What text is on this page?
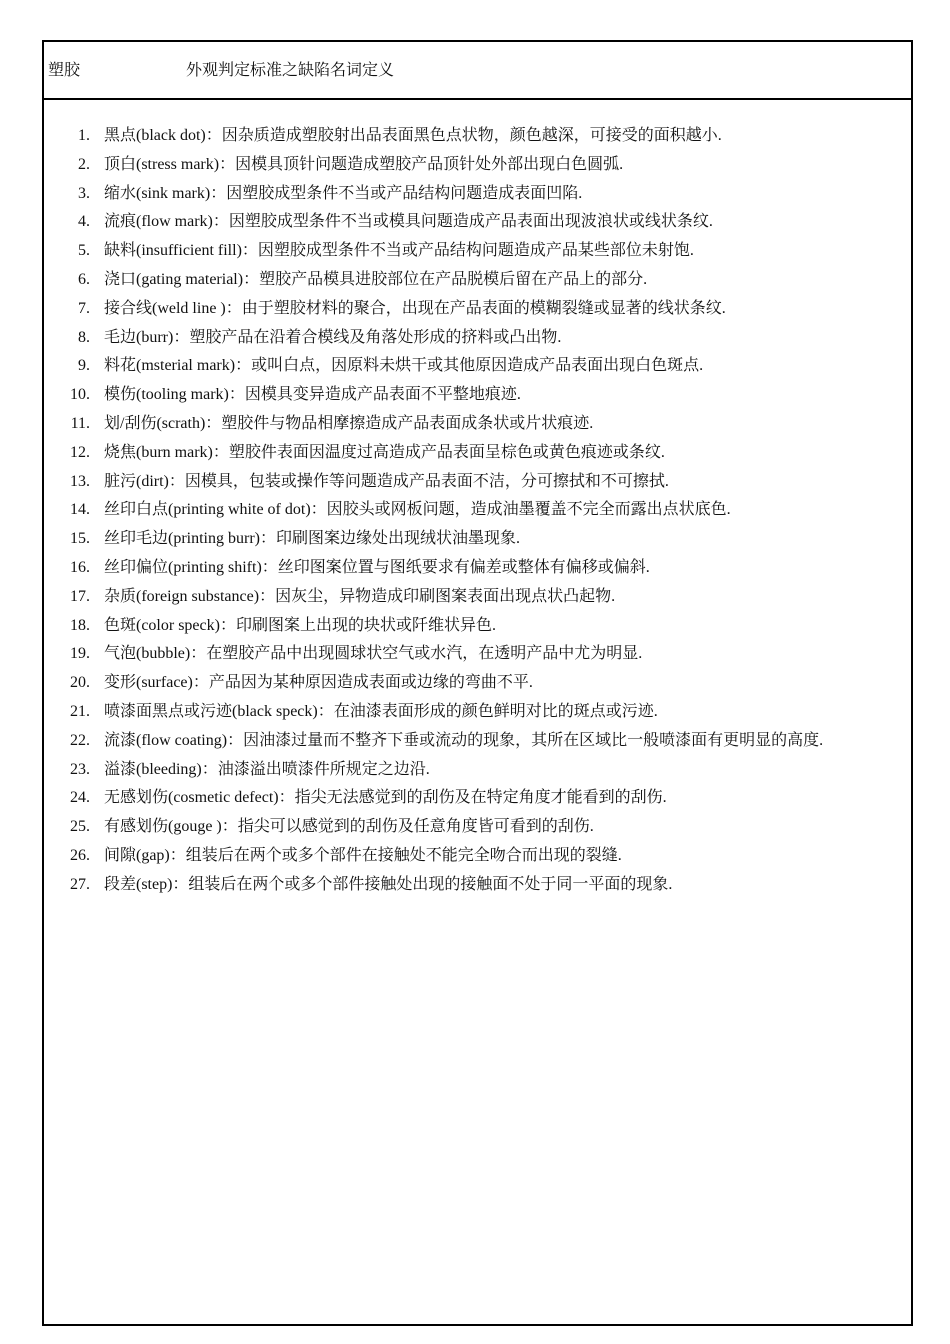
塑胶	外观判定标准之缺陷名词定义
1. 黑点(black dot)：因杂质造成塑胶射出品表面黑色点状物，颜色越深，可接受的面积越小.
2. 顶白(stress mark)：因模具顶针问题造成塑胶产品顶针处外部出现白色圆弧.
3. 缩水(sink mark)：因塑胶成型条件不当或产品结构问题造成表面凹陷.
4. 流痕(flow mark)：因塑胶成型条件不当或模具问题造成产品表面出现波浪状或线状条纹.
5. 缺料(insufficient fill)：因塑胶成型条件不当或产品结构问题造成产品某些部位未射饱.
6. 浇口(gating material)：塑胶产品模具进胶部位在产品脱模后留在产品上的部分.
7. 接合线(weld line )：由于塑胶材料的聚合，出现在产品表面的模糊裂缝或显著的线状条纹.
8. 毛边(burr)：塑胶产品在沿着合模线及角落处形成的挤料或凸出物.
9. 料花(msterial mark)：或叫白点，因原料未烘干或其他原因造成产品表面出现白色斑点.
10. 模伤(tooling mark)：因模具变异造成产品表面不平整地痕迹.
11. 划/刮伤(scrath)：塑胶件与物品相摩擦造成产品表面成条状或片状痕迹.
12. 烧焦(burn mark)：塑胶件表面因温度过高造成产品表面呈棕色或黄色痕迹或条纹.
13. 脏污(dirt)：因模具，包装或操作等问题造成产品表面不洁，分可擦拭和不可擦拭.
14. 丝印白点(printing white of dot)：因胶头或网板问题，造成油墨覆盖不完全而露出点状底色.
15. 丝印毛边(printing burr)：印刷图案边缘处出现绒状油墨现象.
16. 丝印偏位(printing shift)：丝印图案位置与图纸要求有偏差或整体有偏移或偏斜.
17. 杂质(foreign substance)：因灰尘，异物造成印刷图案表面出现点状凸起物.
18. 色斑(color speck)：印刷图案上出现的块状或阡维状异色.
19. 气泡(bubble)：在塑胶产品中出现圆球状空气或水汽，在透明产品中尤为明显.
20. 变形(surface)：产品因为某种原因造成表面或边缘的弯曲不平.
21. 喷漆面黑点或污迹(black speck)：在油漆表面形成的颜色鲜明对比的斑点或污迹.
22. 流漆(flow coating)：因油漆过量而不整齐下垂或流动的现象，其所在区域比一般喷漆面有更明显的高度.
23. 溢漆(bleeding)：油漆溢出喷漆件所规定之边沿.
24. 无感划伤(cosmetic defect)：指尖无法感觉到的刮伤及在特定角度才能看到的刮伤.
25. 有感划伤(gouge )：指尖可以感觉到的刮伤及任意角度皆可看到的刮伤.
26. 间隙(gap)：组装后在两个或多个部件在接触处不能完全吻合而出现的裂缝.
27. 段差(step)：组装后在两个或多个部件接触处出现的接触面不处于同一平面的现象.
